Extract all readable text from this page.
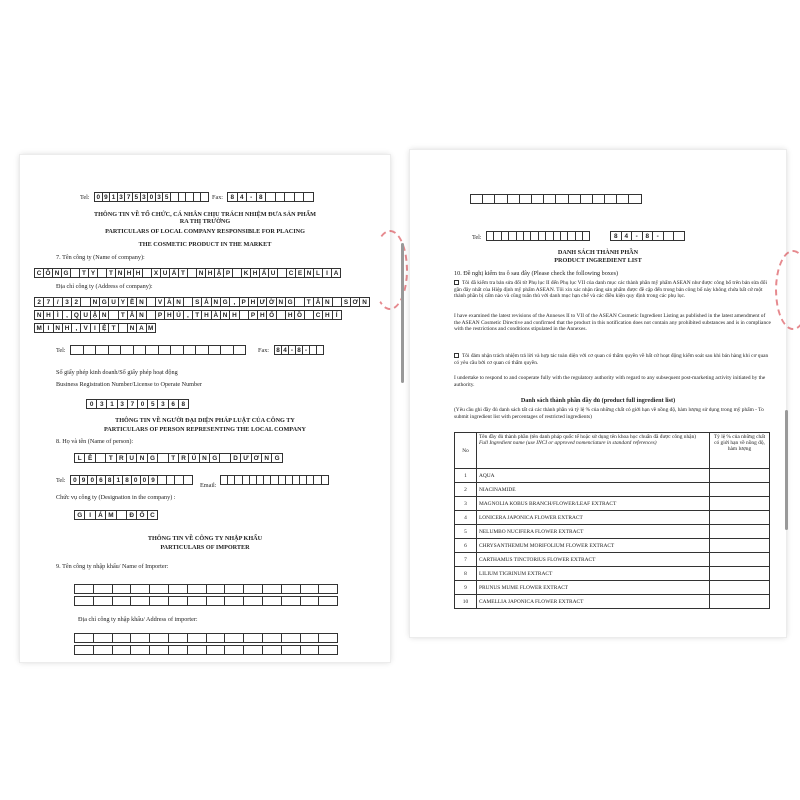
Tel: 0 9 1 3 7 5 3 0 3 5	Fax:	8 4	-	8
THÔNG TIN VỀ TỔ CHỨC, CÁ NHÂN CHỊU TRÁCH NHIỆM ĐƯA SẢN PHẨM
RA THỊ TRƯỜNG
PARTICULARS OF LOCAL COMPANY RESPONSIBLE FOR PLACING
THE COSMETIC PRODUCT IN THE MARKET
7. Tên công ty (Name of company):
C Ô N G	T Y	T N H H	X U Ấ T	N H Ậ P	K H Ẩ U	C E N L I A
Địa chỉ công ty (Address of company):
2 7	/	3 2	N G U Y Ễ N	V Ă N	S Ả N G , P H Ư Ờ N G	T Â N	S Ơ N
N H Ì	, Q U Ậ N	T Â N	P H Ú ,	T H À N H	P H Ố	H Ồ	C H Í
M I N H , V I Ệ T	N A M
Tel:	Fax: 8 4 - 8 -
Số giấy phép kinh doanh/Số giấy phép hoạt động
Business Registration Number/License to Operate Number
0	3	1	3	7	0	5	3	6	8
THÔNG TIN VỀ NGƯỜI ĐẠI DIỆN PHÁP LUẬT CỦA CÔNG TY
PARTICULARS OF PERSON REPRESENTING THE LOCAL COMPANY
8. Họ và tên (Name of person):
L Ê	T R U N G	T R Ú N G	D Ư Ơ N G
Tel:	0 9 0 6 8 1 8 0 0 9
Email:
Chức vụ công ty (Designation in the company) :
G	I	Á M	Đ Ố C
THÔNG TIN VỀ CÔNG TY NHẬP KHẨU
PARTICULARS OF IMPORTER
9. Tên công ty nhập khẩu/ Name of Importer:
Địa chỉ công ty nhập khẩu/ Address of importer:
Tel:	8	4	-	8	-
DANH SÁCH THÀNH PHẦN
PRODUCT INGREDIENT LIST
10. Đề nghị kiểm tra ô sau đây (Please check the following boxes)
Tôi đã kiểm tra bản sửa đổi từ Phụ lục II đến Phụ lục VII của danh mục các thành phần mỹ phẩm ASEAN như được công bố trên bản sửa đổi gần đây nhất của Hiệp định mỹ phẩm ASEAN. Tôi xin xác nhận rằng sản phẩm được đề cập đến trong bản công bố này không chứa bất cứ một thành phần bị cấm nào và cũng tuân thủ với danh mục hạn chế và các điều kiện quy định trong các phụ lục.
I have examined the latest revisions of the Annexes II to VII of the ASEAN Cosmetic Ingredient Listing as published in the latest amendment of the ASEAN Cosmetic Directive and confirmed that the product in this notification does not contain any prohibited substances and is in compliance with the restrictions and conditions stipulated in the Annexes.
Tôi đảm nhận trách nhiệm trả lời và hợp tác toàn diện với cơ quan có thẩm quyền về bất cứ hoạt động kiểm soát sau khi bán hàng khi cơ quan có yêu cầu bởi cơ quan có thẩm quyền.
I undertake to respond to and cooperate fully with the regulatory authority with regard to any subsequent post-marketing activity initiated by the authority.
Danh sách thành phần đầy đủ (product full ingredient list)
(Yêu cầu ghi đầy đủ danh sách tất cả các thành phần và tỷ lệ % của những chất có giới hạn về nồng độ, hàm lượng sử dụng trong mỹ phẩm - To submit ingredient list with percentages of restricted ingredients)
No	Tên đầy đủ thành phần (tên danh pháp quốc tế hoặc sử dụng tên khoa học chuẩn đã được công nhận)
Full Ingredient name (use INCI or approved nomenclature in standard references)	Tỷ lệ % của những chất có giới hạn về nồng độ, hàm lượng
1	AQUA	
2	NIACINAMIDE	
3	MAGNOLIA KOBUS BRANCH/FLOWER/LEAF EXTRACT	
4	LONICERA JAPONICA FLOWER EXTRACT	
5	NELUMBO NUCIFERA FLOWER EXTRACT	
6	CHRYSANTHEMUM MORIFOLIUM FLOWER EXTRACT	
7	CARTHAMUS TINCTORIUS FLOWER EXTRACT	
8	LILIUM TIGRINUM EXTRACT	
9	PRUNUS MUME FLOWER EXTRACT	
10	CAMELLIA JAPONICA FLOWER EXTRACT	
